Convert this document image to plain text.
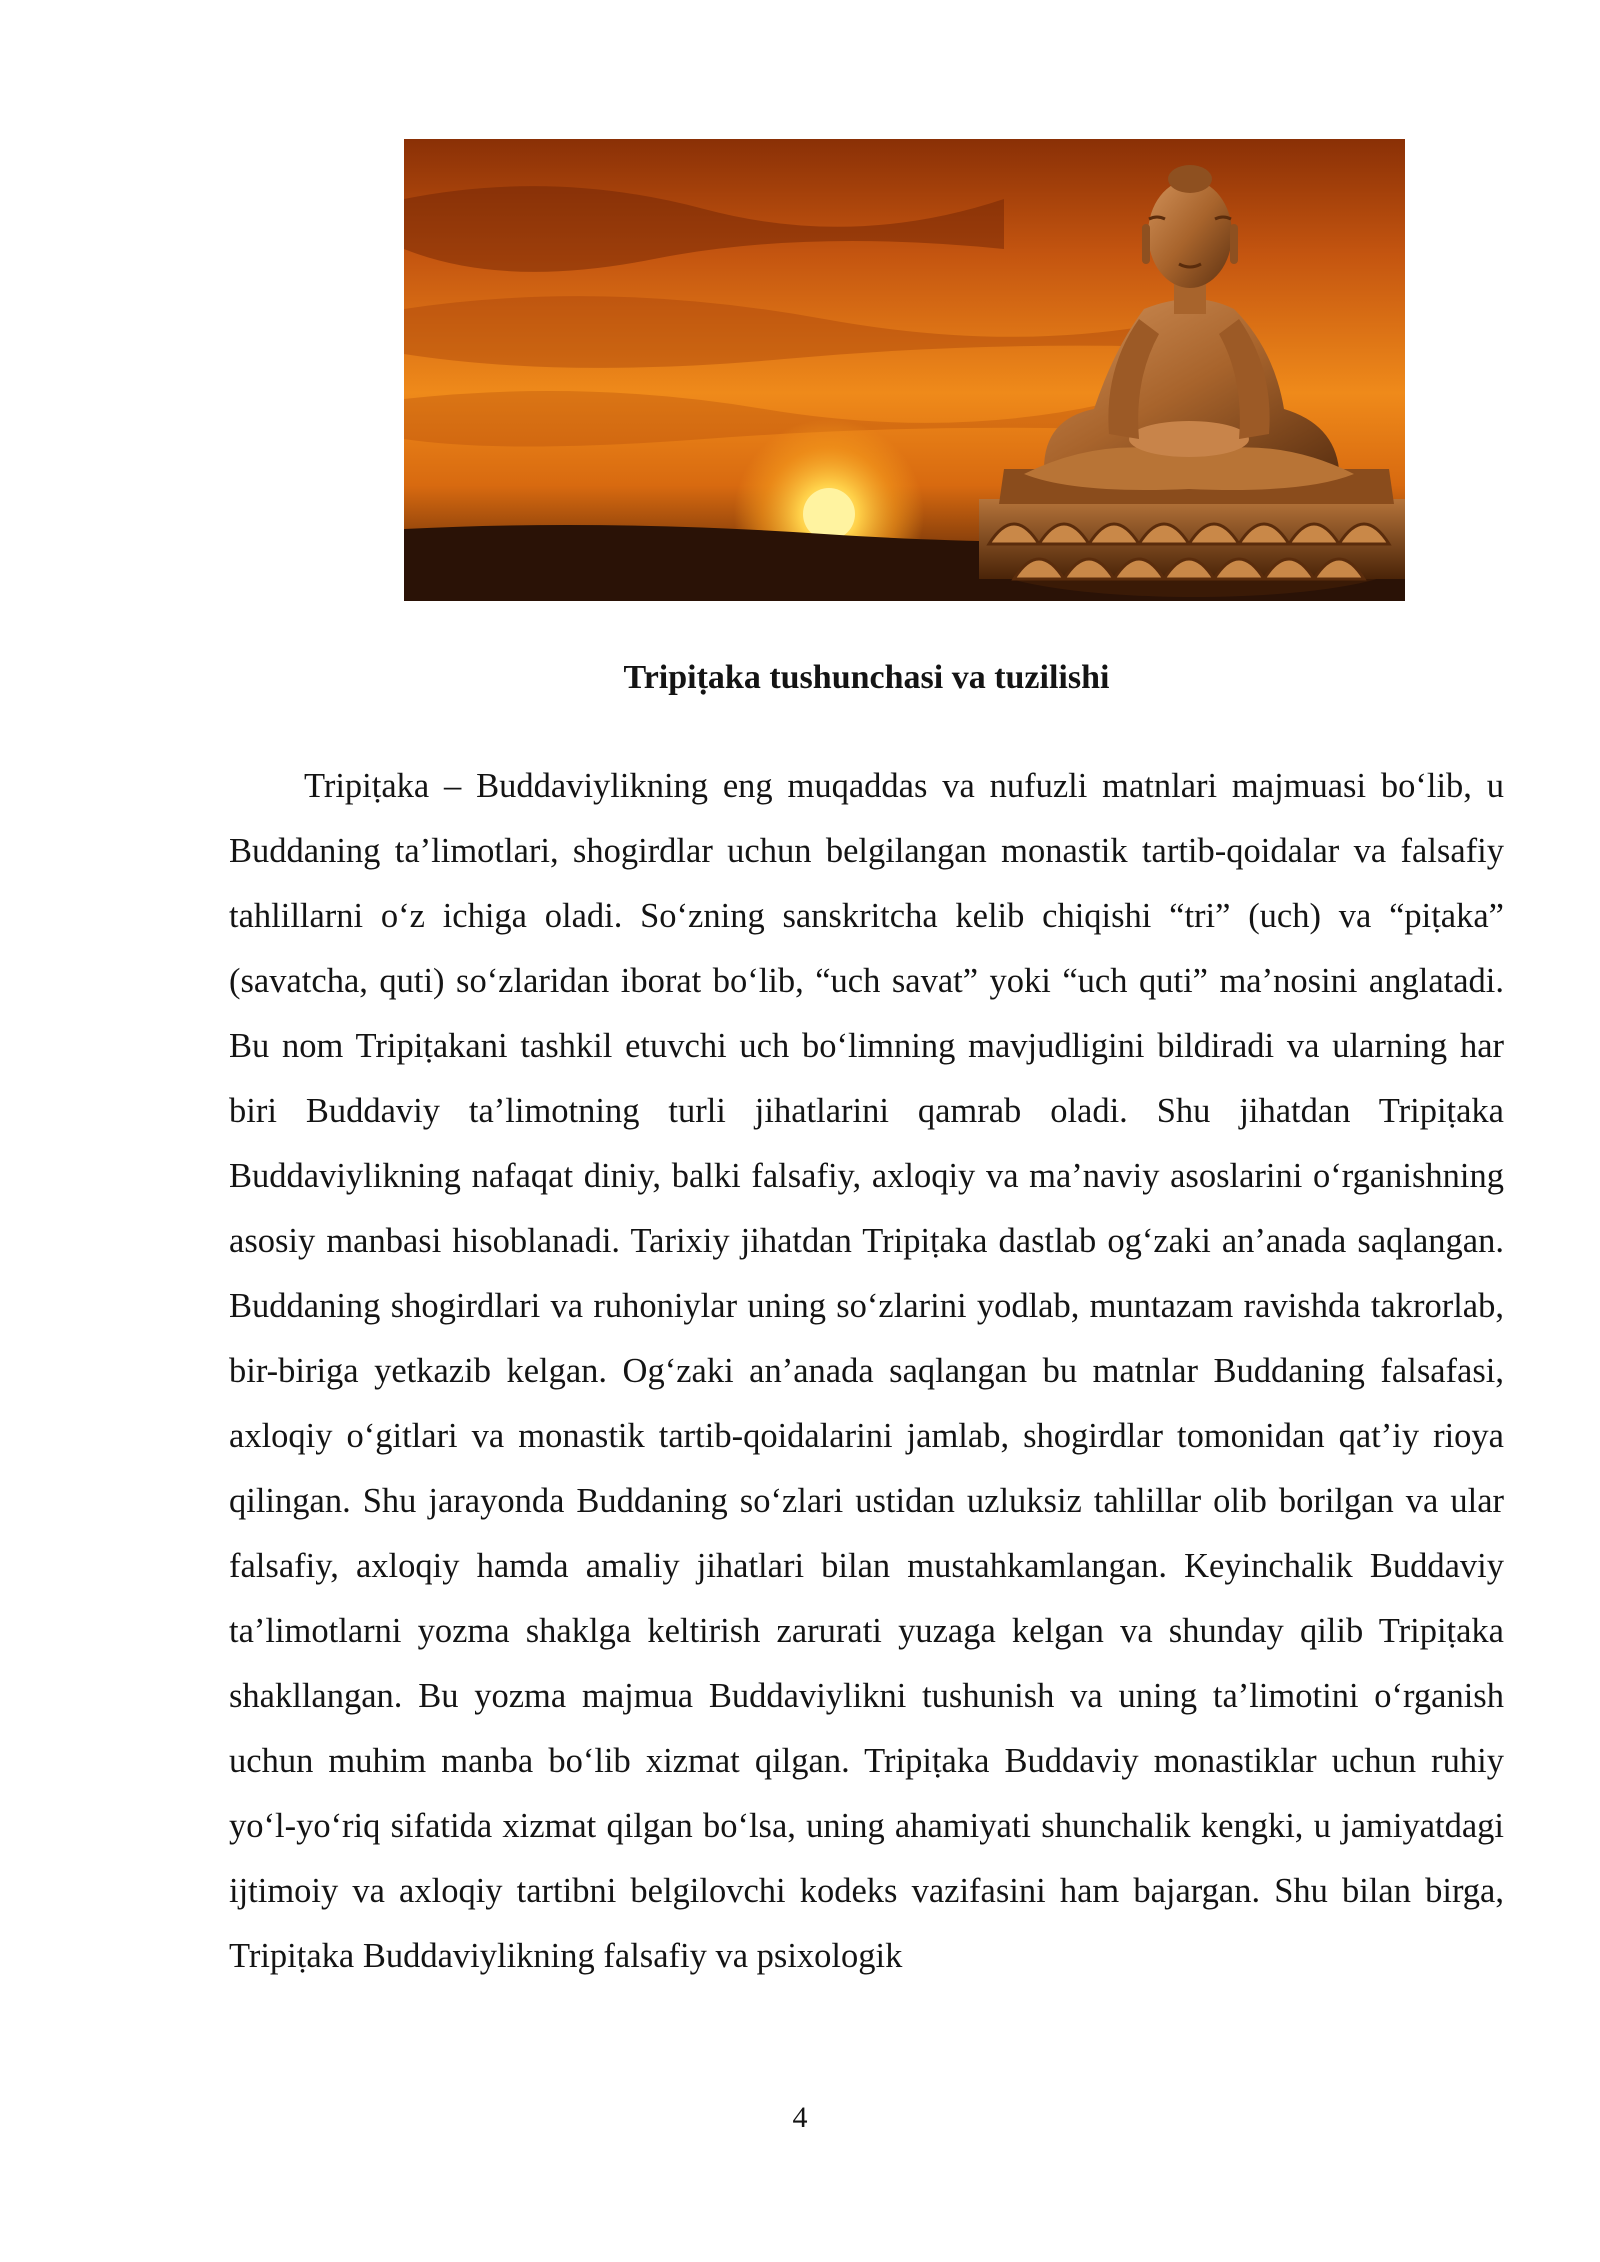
Tripiṭaka tushunchasi va tuzilishi

Tripiṭaka – Buddaviylikning eng muqaddas va nufuzli matnlari majmuasi bo‘lib, u Buddaning ta’limotlari, shogirdlar uchun belgilangan monastik tartib-qoidalar va falsafiy tahlillarni o‘z ichiga oladi. So‘zning sanskritcha kelib chiqishi “tri” (uch) va “piṭaka” (savatcha, quti) so‘zlaridan iborat bo‘lib, “uch savat” yoki “uch quti” ma’nosini anglatadi. Bu nom Tripiṭakani tashkil etuvchi uch bo‘limning mavjudligini bildiradi va ularning har biri Buddaviy ta’limotning turli jihatlarini qamrab oladi. Shu jihatdan Tripiṭaka Buddaviylikning nafaqat diniy, balki falsafiy, axloqiy va ma’naviy asoslarini o‘rganishning asosiy manbasi hisoblanadi. Tarixiy jihatdan Tripiṭaka dastlab og‘zaki an’anada saqlangan. Buddaning shogirdlari va ruhoniylar uning so‘zlarini yodlab, muntazam ravishda takrorlab, bir-biriga yetkazib kelgan. Og‘zaki an’anada saqlangan bu matnlar Buddaning falsafasi, axloqiy o‘gitlari va monastik tartib-qoidalarini jamlab, shogirdlar tomonidan qat’iy rioya qilingan. Shu jarayonda Buddaning so‘zlari ustidan uzluksiz tahlillar olib borilgan va ular falsafiy, axloqiy hamda amaliy jihatlari bilan mustahkamlangan. Keyinchalik Buddaviy ta’limotlarni yozma shaklga keltirish zarurati yuzaga kelgan va shunday qilib Tripiṭaka shakllangan. Bu yozma majmua Buddaviylikni tushunish va uning ta’limotini o‘rganish uchun muhim manba bo‘lib xizmat qilgan. Tripiṭaka Buddaviy monastiklar uchun ruhiy yo‘l-yo‘riq sifatida xizmat qilgan bo‘lsa, uning ahamiyati shunchalik kengki, u jamiyatdagi ijtimoiy va axloqiy tartibni belgilovchi kodeks vazifasini ham bajargan. Shu bilan birga, Tripiṭaka Buddaviylikning falsafiy va psixologik

4
